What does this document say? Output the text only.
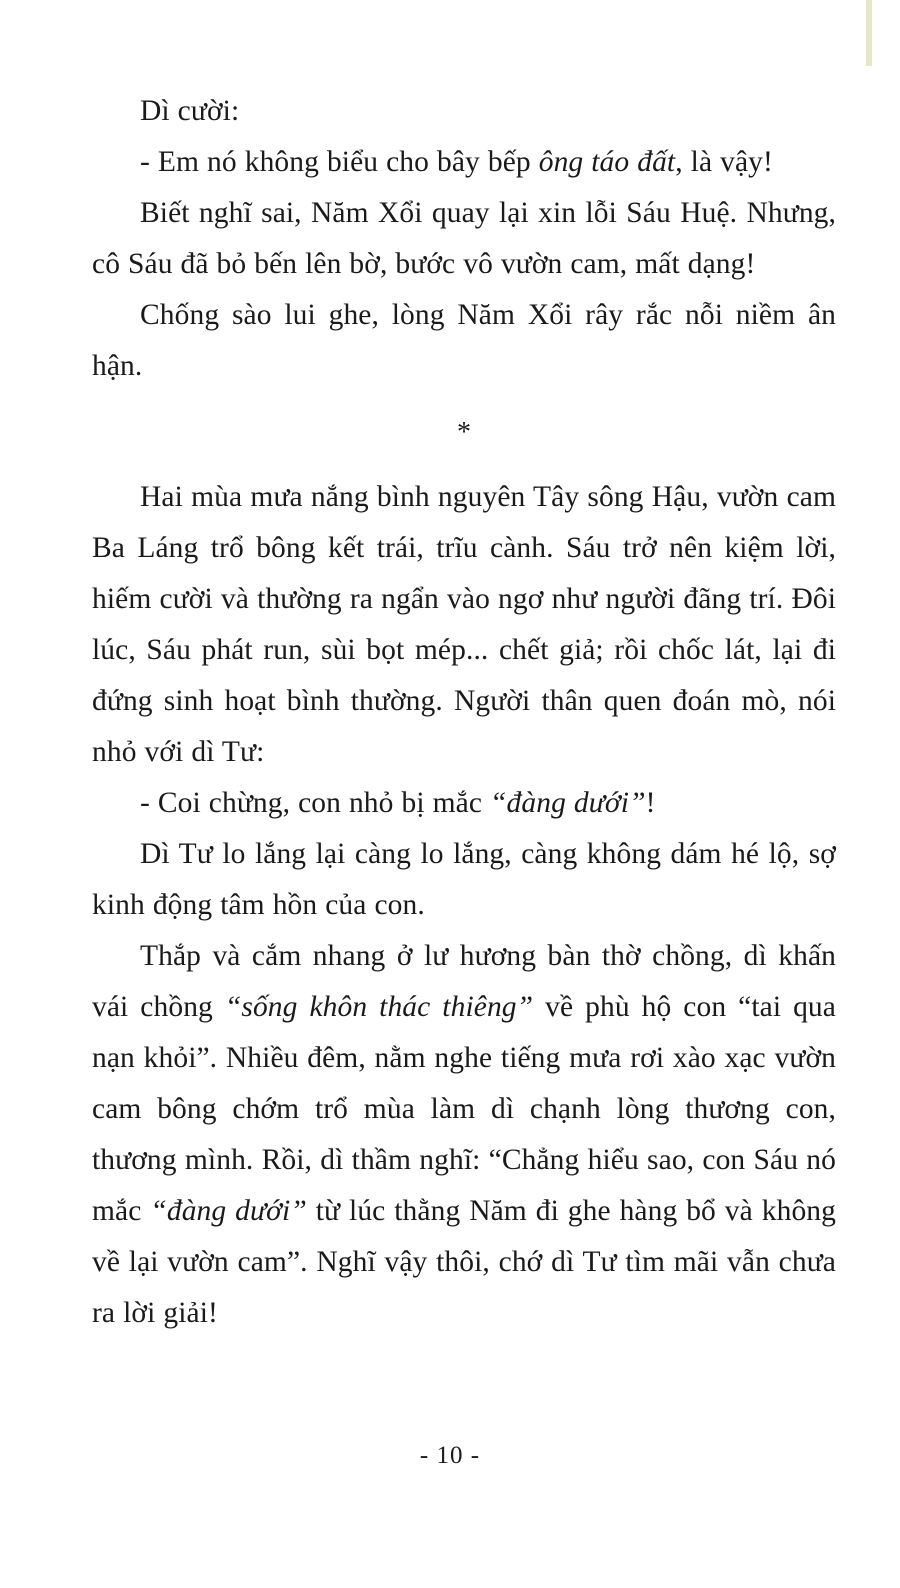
Dì cười:

- Em nó không biểu cho bây bếp ông táo đất, là vậy!

Biết nghĩ sai, Năm Xổi quay lại xin lỗi Sáu Huệ. Nhưng, cô Sáu đã bỏ bến lên bờ, bước vô vườn cam, mất dạng!

Chống sào lui ghe, lòng Năm Xổi rây rắc nỗi niềm ân hận.

*

Hai mùa mưa nắng bình nguyên Tây sông Hậu, vườn cam Ba Láng trổ bông kết trái, trĩu cành. Sáu trở nên kiệm lời, hiếm cười và thường ra ngẩn vào ngơ như người đãng trí. Đôi lúc, Sáu phát run, sùi bọt mép... chết giả; rồi chốc lát, lại đi đứng sinh hoạt bình thường. Người thân quen đoán mò, nói nhỏ với dì Tư:

- Coi chừng, con nhỏ bị mắc “đàng dưới”!

Dì Tư lo lắng lại càng lo lắng, càng không dám hé lộ, sợ kinh động tâm hồn của con.

Thắp và cắm nhang ở lư hương bàn thờ chồng, dì khấn vái chồng “sống khôn thác thiêng” về phù hộ con “tai qua nạn khỏi”. Nhiều đêm, nằm nghe tiếng mưa rơi xào xạc vườn cam bông chớm trổ mùa làm dì chạnh lòng thương con, thương mình. Rồi, dì thầm nghĩ: “Chẳng hiểu sao, con Sáu nó mắc “đàng dưới” từ lúc thằng Năm đi ghe hàng bổ và không về lại vườn cam”. Nghĩ vậy thôi, chớ dì Tư tìm mãi vẫn chưa ra lời giải!

- 10 -
